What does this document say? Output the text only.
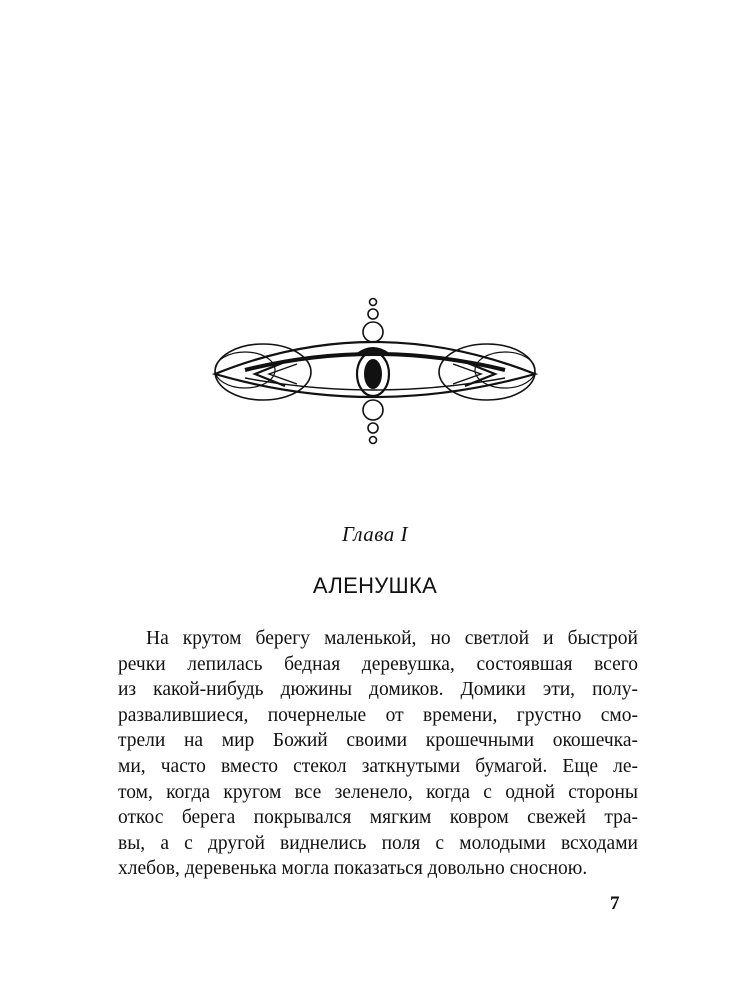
Глава I
АЛЕНУШКА
На крутом берегу маленькой, но светлой и быстрой
речки лепилась бедная деревушка, состоявшая всего
из какой-нибудь дюжины домиков. Домики эти, полу-
развалившиеся, почернелые от времени, грустно смо-
трели на мир Божий своими крошечными окошечка-
ми, часто вместо стекол заткнутыми бумагой. Еще ле-
том, когда кругом все зеленело, когда с одной стороны
откос берега покрывался мягким ковром свежей тра-
вы, а с другой виднелись поля с молодыми всходами
хлебов, деревенька могла показаться довольно сносною.
7
